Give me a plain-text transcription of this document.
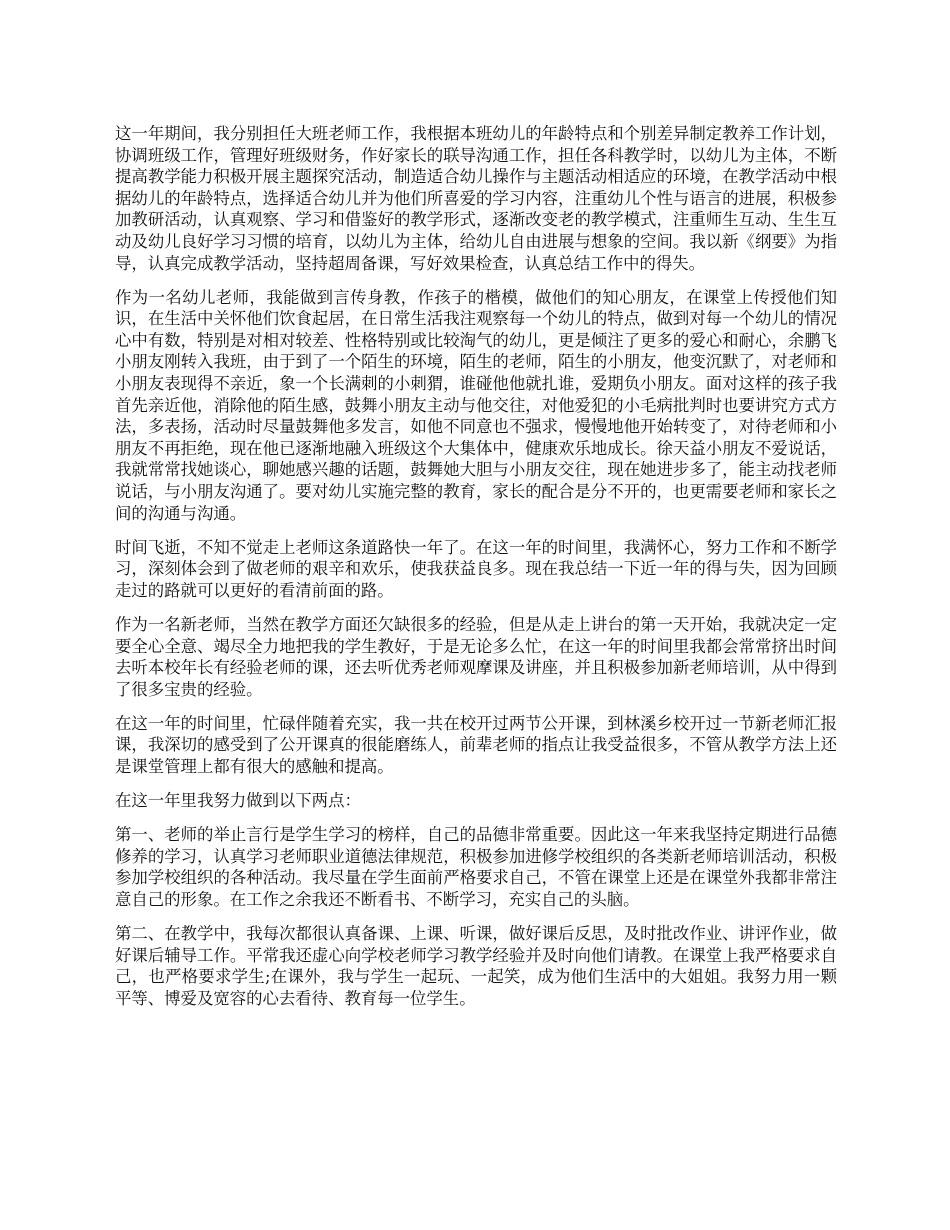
这一年期间，我分别担任大班老师工作，我根据本班幼儿的年龄特点和个别差异制定教养工作计划，协调班级工作，管理好班级财务，作好家长的联导沟通工作，担任各科教学时，以幼儿为主体，不断提高教学能力积极开展主题探究活动，制造适合幼儿操作与主题活动相适应的环境，在教学活动中根据幼儿的年龄特点，选择适合幼儿并为他们所喜爱的学习内容，注重幼儿个性与语言的进展，积极参加教研活动，认真观察、学习和借鉴好的教学形式，逐渐改变老的教学模式，注重师生互动、生生互动及幼儿良好学习习惯的培育，以幼儿为主体，给幼儿自由进展与想象的空间。我以新《纲要》为指导，认真完成教学活动，坚持超周备课，写好效果检查，认真总结工作中的得失。

作为一名幼儿老师，我能做到言传身教，作孩子的楷模，做他们的知心朋友，在课堂上传授他们知识，在生活中关怀他们饮食起居，在日常生活我注观察每一个幼儿的特点，做到对每一个幼儿的情况心中有数，特别是对相对较差、性格特别或比较淘气的幼儿，更是倾注了更多的爱心和耐心，余鹏飞小朋友刚转入我班，由于到了一个陌生的环境，陌生的老师，陌生的小朋友，他变沉默了，对老师和小朋友表现得不亲近，象一个长满刺的小刺猬，谁碰他他就扎谁，爱期负小朋友。面对这样的孩子我首先亲近他，消除他的陌生感，鼓舞小朋友主动与他交往，对他爱犯的小毛病批判时也要讲究方式方法，多表扬，活动时尽量鼓舞他多发言，如他不同意也不强求，慢慢地他开始转变了，对待老师和小朋友不再拒绝，现在他已逐渐地融入班级这个大集体中，健康欢乐地成长。徐天益小朋友不爱说话，我就常常找她谈心，聊她感兴趣的话题，鼓舞她大胆与小朋友交往，现在她进步多了，能主动找老师说话，与小朋友沟通了。要对幼儿实施完整的教育，家长的配合是分不开的，也更需要老师和家长之间的沟通与沟通。

时间飞逝，不知不觉走上老师这条道路快一年了。在这一年的时间里，我满怀心，努力工作和不断学习，深刻体会到了做老师的艰辛和欢乐，使我获益良多。现在我总结一下近一年的得与失，因为回顾走过的路就可以更好的看清前面的路。

作为一名新老师，当然在教学方面还欠缺很多的经验，但是从走上讲台的第一天开始，我就决定一定要全心全意、竭尽全力地把我的学生教好，于是无论多么忙，在这一年的时间里我都会常常挤出时间去听本校年长有经验老师的课，还去听优秀老师观摩课及讲座，并且积极参加新老师培训，从中得到了很多宝贵的经验。

在这一年的时间里，忙碌伴随着充实，我一共在校开过两节公开课，到林溪乡校开过一节新老师汇报课，我深切的感受到了公开课真的很能磨练人，前辈老师的指点让我受益很多，不管从教学方法上还是课堂管理上都有很大的感触和提高。

在这一年里我努力做到以下两点：

第一、老师的举止言行是学生学习的榜样，自己的品德非常重要。因此这一年来我坚持定期进行品德修养的学习，认真学习老师职业道德法律规范，积极参加进修学校组织的各类新老师培训活动，积极参加学校组织的各种活动。我尽量在学生面前严格要求自己，不管在课堂上还是在课堂外我都非常注意自己的形象。在工作之余我还不断看书、不断学习，充实自己的头脑。

第二、在教学中，我每次都很认真备课、上课、听课，做好课后反思，及时批改作业、讲评作业，做好课后辅导工作。平常我还虚心向学校老师学习教学经验并及时向他们请教。在课堂上我严格要求自己，也严格要求学生;在课外，我与学生一起玩、一起笑，成为他们生活中的大姐姐。我努力用一颗平等、博爱及宽容的心去看待、教育每一位学生。
